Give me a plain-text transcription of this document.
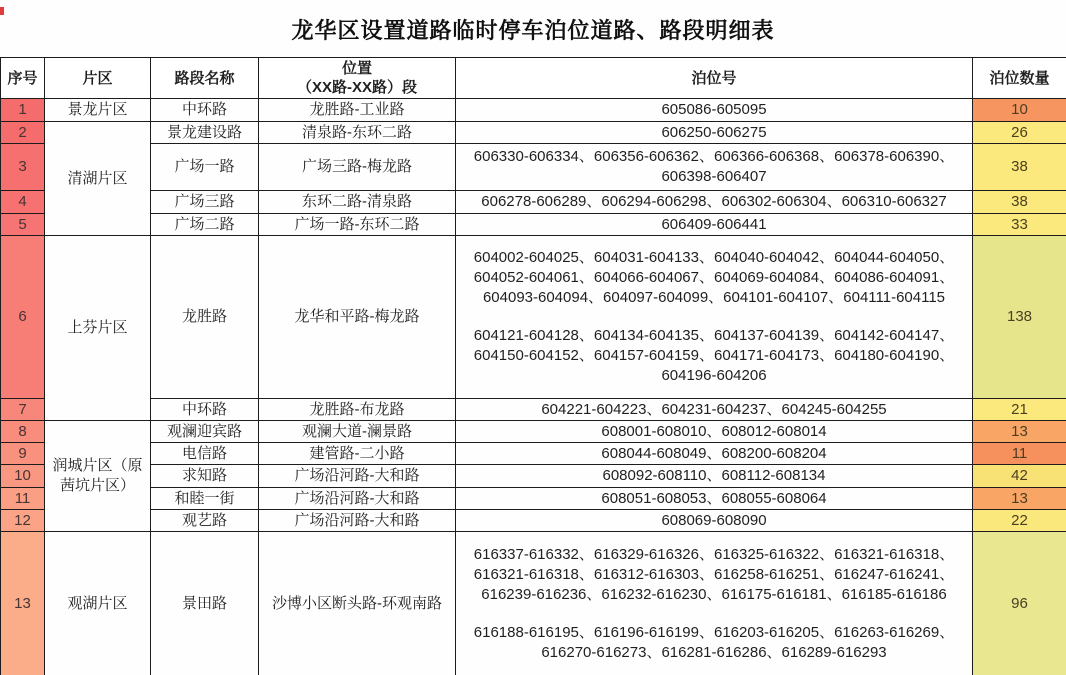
龙华区设置道路临时停车泊位道路、路段明细表
序号	片区	路段名称	位置
（XX路-XX路）段	泊位号	泊位数量
1	景龙片区	中环路	龙胜路-工业路	605086-605095	10
2	清湖片区	景龙建设路	清泉路-东环二路	606250-606275	26
3		广场一路	广场三路-梅龙路	606330-606334、606356-606362、606366-606368、606378-606390、606398-606407	38
4		广场三路	东环二路-清泉路	606278-606289、606294-606298、606302-606304、606310-606327	38
5		广场二路	广场一路-东环二路	606409-606441	33
6	上芬片区	龙胜路	龙华和平路-梅龙路	604002-604025、604031-604133、604040-604042、604044-604050、604052-604061、604066-604067、604069-604084、604086-604091、604093-604094、604097-604099、604101-604107、604111-604115
604121-604128、604134-604135、604137-604139、604142-604147、604150-604152、604157-604159、604171-604173、604180-604190、604196-604206	138
7		中环路	龙胜路-布龙路	604221-604223、604231-604237、604245-604255	21
8	润城片区（原茜坑片区）	观澜迎宾路	观澜大道-澜景路	608001-608010、608012-608014	13
9		电信路	建管路-二小路	608044-608049、608200-608204	11
10		求知路	广场沿河路-大和路	608092-608110、608112-608134	42
11		和睦一街	广场沿河路-大和路	608051-608053、608055-608064	13
12		观艺路	广场沿河路-大和路	608069-608090	22
13	观湖片区	景田路	沙博小区断头路-环观南路	616337-616332、616329-616326、616325-616322、616321-616318、616321-616318、616312-616303、616258-616251、616247-616241、616239-616236、616232-616230、616175-616181、616185-616186
616188-616195、616196-616199、616203-616205、616263-616269、616270-616273、616281-616286、616289-616293	96
